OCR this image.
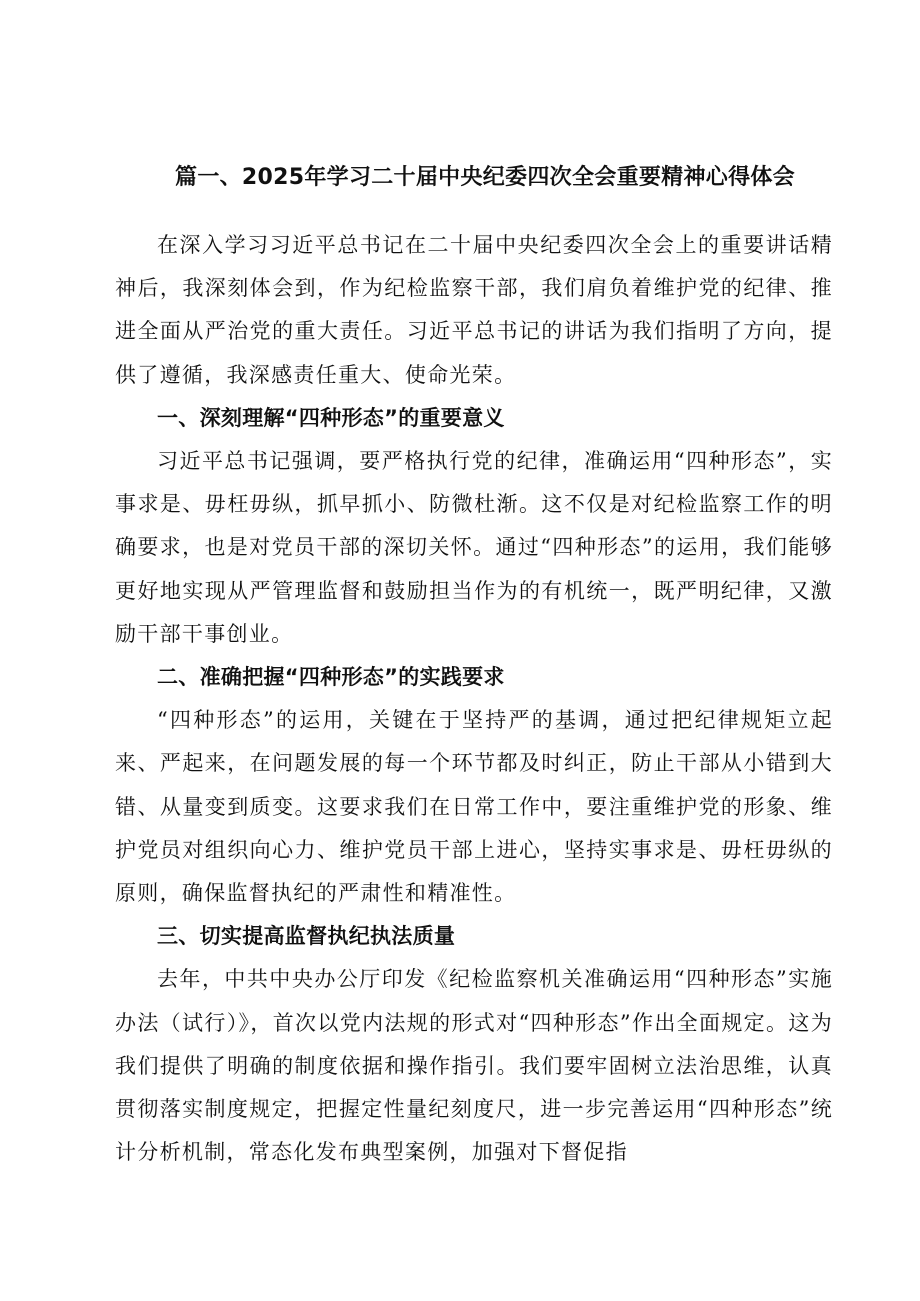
篇一、2025年学习二十届中央纪委四次全会重要精神心得体会

在深入学习习近平总书记在二十届中央纪委四次全会上的重要讲话精神后，我深刻体会到，作为纪检监察干部，我们肩负着维护党的纪律、推进全面从严治党的重大责任。习近平总书记的讲话为我们指明了方向，提供了遵循，我深感责任重大、使命光荣。

一、深刻理解“四种形态”的重要意义

习近平总书记强调，要严格执行党的纪律，准确运用“四种形态”，实事求是、毋枉毋纵，抓早抓小、防微杜渐。这不仅是对纪检监察工作的明确要求，也是对党员干部的深切关怀。通过“四种形态”的运用，我们能够更好地实现从严管理监督和鼓励担当作为的有机统一，既严明纪律，又激励干部干事创业。

二、准确把握“四种形态”的实践要求

“四种形态”的运用，关键在于坚持严的基调，通过把纪律规矩立起来、严起来，在问题发展的每一个环节都及时纠正，防止干部从小错到大错、从量变到质变。这要求我们在日常工作中，要注重维护党的形象、维护党员对组织向心力、维护党员干部上进心，坚持实事求是、毋枉毋纵的原则，确保监督执纪的严肃性和精准性。

三、切实提高监督执纪执法质量

去年，中共中央办公厅印发《纪检监察机关准确运用“四种形态”实施办法（试行）》，首次以党内法规的形式对“四种形态”作出全面规定。这为我们提供了明确的制度依据和操作指引。我们要牢固树立法治思维，认真贯彻落实制度规定，把握定性量纪刻度尺，进一步完善运用“四种形态”统计分析机制，常态化发布典型案例，加强对下督促指
